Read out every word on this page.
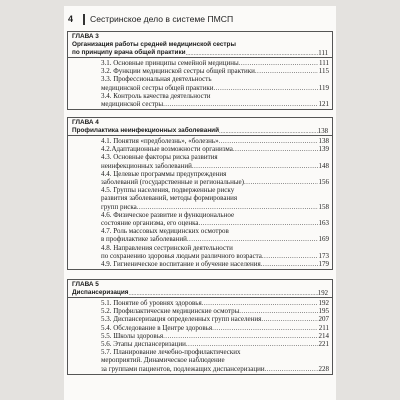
4	Сестринское дело в системе ПМСП
ГЛАВА 3
Организация работы средней медицинской сестры
по принципу врача общей практики .....	111
3.1. Основные принципы семейной медицины .....	111
3.2. Функции медицинской сестры общей практики .....	115
3.3. Профессиональная деятельность
медицинской сестры общей практики .....	119
3.4. Контроль качества деятельности
медицинской сестры .....	121
ГЛАВА 4
Профилактика неинфекционных заболеваний .....	138
4.1. Понятия «предболезнь», «болезнь» .....	138
4.2.Адаптационные возможности организма .....	139
4.3. Основные факторы риска развития
неинфекционных заболеваний .....	148
4.4. Целевые программы предупреждения
заболеваний (государственные и региональные) .....	156
4.5. Группы населения, подверженные риску
развития заболеваний, методы формирования
групп риска .....	158
4.6. Физическое развитие и функциональное
состояние организма, его оценка .....	163
4.7. Роль массовых медицинских осмотров
в профилактике заболеваний .....	169
4.8. Направления сестринской деятельности
по сохранению здоровья людьми различного возраста .....	173
4.9. Гигиеническое воспитание и обучение населения .....	179
ГЛАВА 5
Диспансеризация .....	192
5.1. Понятие об уровнях здоровья .....	192
5.2. Профилактические медицинские осмотры .....	195
5.3. Диспансеризация определенных групп населения .....	207
5.4. Обследование в Центре здоровья .....	211
5.5. Школы здоровья .....	214
5.6. Этапы диспансеризации .....	221
5.7. Планирование лечебно-профилактических
мероприятий. Динамическое наблюдение
за группами пациентов, подлежащих диспансеризации .....	228
